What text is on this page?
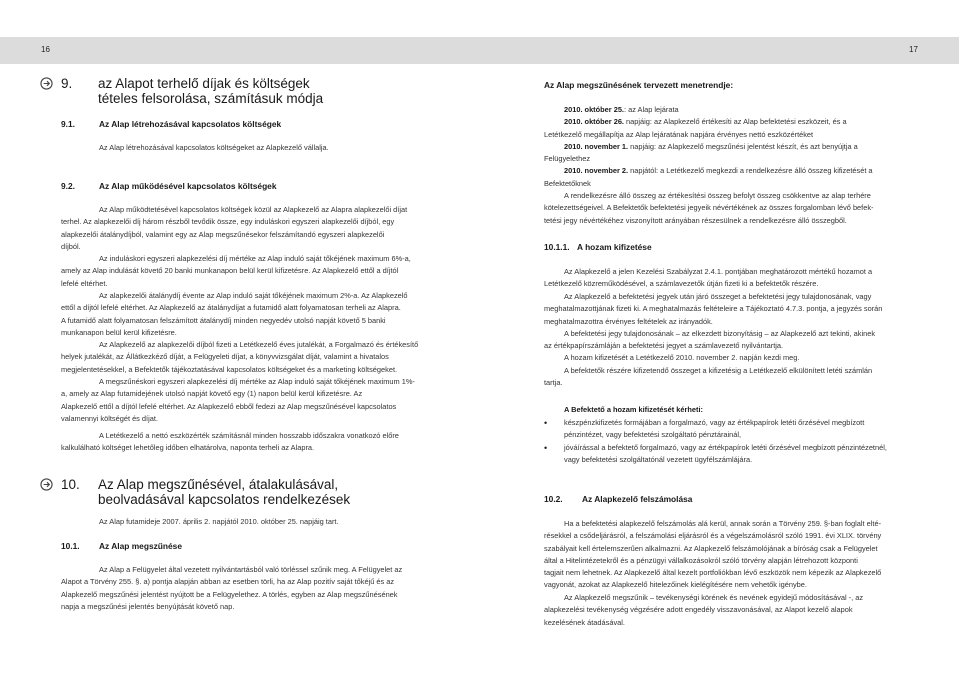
16	17
9. az Alapot terhelő díjak és költségek
tételes felsorolása, számításuk módja
9.1.	Az Alap létrehozásával kapcsolatos költségek
Az Alap létrehozásával kapcsolatos költségeket az Alapkezelő vállalja.
9.2.	Az Alap működésével kapcsolatos költségek
Az Alap működtetésével kapcsolatos költségek közül az Alapkezelő az Alapra alapkezelői díjat
terhel. Az alapkezelői díj három részből tevődik össze, egy induláskori egyszeri alapkezelői díjból, egy
alapkezelői átalánydíjból, valamint egy az Alap megszűnésekor felszámítandó egyszeri alapkezelői
díjból.
Az induláskori egyszeri alapkezelési díj mértéke az Alap induló saját tőkéjének maximum 6%-a,
amely az Alap indulását követő 20 banki munkanapon belül kerül kifizetésre. Az Alapkezelő ettől a díjtól
lefelé eltérhet.
Az alapkezelői átalánydíj évente az Alap induló saját tőkéjének maximum 2%-a. Az Alapkezelő
ettől a díjtól lefelé eltérhet. Az Alapkezelő az átalánydíjat a futamidő alatt folyamatosan terheli az Alapra.
A futamidő alatt folyamatosan felszámított átalánydíj minden negyedév utolsó napját követő 5 banki
munkanapon belül kerül kifizetésre.
Az Alapkezelő az alapkezelői díjból fizeti a Letétkezelő éves jutalékát, a Forgalmazó és értékesítő
helyek jutalékát, az Állátkezkéző díját, a Felügyeleti díjat, a könyvvizsgálat díját, valamint a hivatalos
megjelentetésekkel, a Befektetők tájékoztatásával kapcsolatos költségeket és a marketing költségeket.
A megszűnéskori egyszeri alapkezelési díj mértéke az Alap induló saját tőkéjének maximum 1%-
a, amely az Alap futamidejének utolsó napját követő egy (1) napon belül kerül kifizetésre. Az
Alapkezelő ettől a díjtól lefelé eltérhet. Az Alapkezelő ebből fedezi az Alap megszűnésével kapcsolatos
valamennyi költségét és díjat.
A Letétkezelő a nettó eszközérték számításnál minden hosszabb időszakra vonatkozó előre
kalkulálható költséget lehetőleg időben elhatárolva, naponta terheli az Alapra.
10. Az Alap megszűnésével, átalakulásával,
beolvadásával kapcsolatos rendelkezések
Az Alap futamideje 2007. április 2. napjától 2010. október 25. napjáig tart.
10.1. Az Alap megszűnése
Az Alap a Felügyelet által vezetett nyilvántartásból való törléssel szűnik meg. A Felügyelet az
Alapot a Törvény 255. §. a) pontja alapján abban az esetben törli, ha az Alap pozitív saját tőkéjű és az
Alapkezelő megszűnési jelentést nyújtott be a Felügyelethez. A törlés, egyben az Alap megszűnésének
napja a megszűnési jelentés benyújtását követő nap.
Az Alap megszűnésének tervezett menetrendje:
2010. október 25.: az Alap lejárata
2010. október 26. napjáig: az Alapkezelő értékesíti az Alap befektetési eszközeit, és a
Letétkezelő megállapítja az Alap lejáratának napjára érvényes nettó eszközértéket
2010. november 1. napjáig: az Alapkezelő megszűnési jelentést készít, és azt benyújtja a
Felügyelethez
2010. november 2. napjától: a Letétkezelő megkezdi a rendelkezésre álló összeg kifizetését a
Befektetőknek
A rendelkezésre álló összeg az értékesítési összeg befolyt összeg csökkentve az alap terhére
kötelezettségeivel. A Befektetők befektetési jegyeik névértékének az összes forgalomban lévő befek-
tetési jegy névértékéhez viszonyított arányában részesülnek a rendelkezésre álló összegből.
10.1.1. A hozam kifizetése
Az Alapkezelő a jelen Kezelési Szabályzat 2.4.1. pontjában meghatározott mértékű hozamot a
Letétkezelő közreműködésével, a számlavezetők útján fizeti ki a befektetők részére.
Az Alapkezelő a befektetési jegyek után járó összeget a befektetési jegy tulajdonosának, vagy
meghatalmazottjának fizeti ki. A meghatalmazás feltételeire a Tájékoztató 4.7.3. pontja, a jegyzés során
meghatalmazottra érvényes feltételek az irányadók.
A befektetési jegy tulajdonosának – az elkezdett bizonyításig – az Alapkezelő azt tekinti, akinek
az értékpapírszámláján a befektetési jegyet a számlavezető nyilvántartja.
A hozam kifizetését a Letétkezelő 2010. november 2. napján kezdi meg.
A befektetők részére kifizetendő összeget a kifizetésig a Letétkezelő elkülönített letéti számlán
tartja.
A Befektető a hozam kifizetését kérheti:
• készpénzkifizetés formájában a forgalmazó, vagy az értékpapírok letéti őrzésével megbízott pénzintézet, vagy befektetési szolgáltató pénztárainál,
• jóváírással a befektető forgalmazó, vagy az értékpapírok letéti őrzésével megbízott pénzintézetnél, vagy befektetési szolgáltatónál vezetett ügyfélszámlájára.
10.2. Az Alapkezelő felszámolása
Ha a befektetési alapkezelő felszámolás alá kerül, annak során a Törvény 259. §-ban foglalt elté-
résekkel a csődeljárásról, a felszámolási eljárásról és a végelszámolásról szóló 1991. évi XLIX. törvény
szabályait kell értelemszerűen alkalmazni. Az Alapkezelő felszámolójának a bíróság csak a Felügyelet
által a Hitelintézetekről és a pénzügyi vállalkozásokról szóló törvény alapján létrehozott központi
tagjait nem lehetnek. Az Alapkezelő által kezelt portfoliókban lévő eszközök nem képezik az Alapkezelő
vagyonát, azokat az Alapkezelő hitelezőinek kielégítésére nem vehetők igénybe.
Az Alapkezelő megszűnik – tevékenységi körének és nevének egyidejű módosításával -, az
alapkezelési tevékenység végzésére adott engedély visszavonásával, az Alapot kezelő alapok
kezelésének átadásával.
